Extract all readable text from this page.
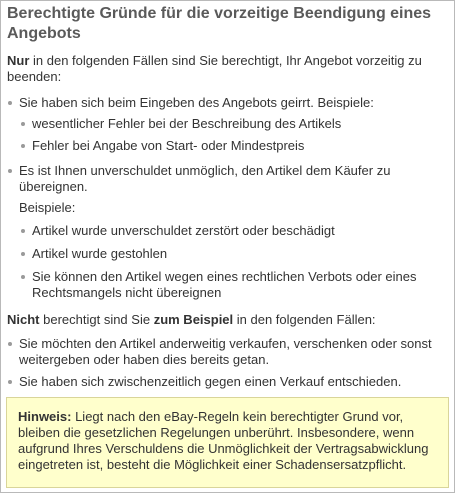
Berechtigte Gründe für die vorzeitige Beendigung eines Angebots

Nur in den folgenden Fällen sind Sie berechtigt, Ihr Angebot vorzeitig zu beenden:

Sie haben sich beim Eingeben des Angebots geirrt. Beispiele:
wesentlicher Fehler bei der Beschreibung des Artikels
Fehler bei Angabe von Start- oder Mindestpreis
Es ist Ihnen unverschuldet unmöglich, den Artikel dem Käufer zu übereignen.
Beispiele:
Artikel wurde unverschuldet zerstört oder beschädigt
Artikel wurde gestohlen
Sie können den Artikel wegen eines rechtlichen Verbots oder eines Rechtsmangels nicht übereignen

Nicht berechtigt sind Sie zum Beispiel in den folgenden Fällen:

Sie möchten den Artikel anderweitig verkaufen, verschenken oder sonst weitergeben oder haben dies bereits getan.
Sie haben sich zwischenzeitlich gegen einen Verkauf entschieden.
Hinweis: Liegt nach den eBay-Regeln kein berechtigter Grund vor, bleiben die gesetzlichen Regelungen unberührt. Insbesondere, wenn aufgrund Ihres Verschuldens die Unmöglichkeit der Vertragsabwicklung eingetreten ist, besteht die Möglichkeit einer Schadensersatzpflicht.
